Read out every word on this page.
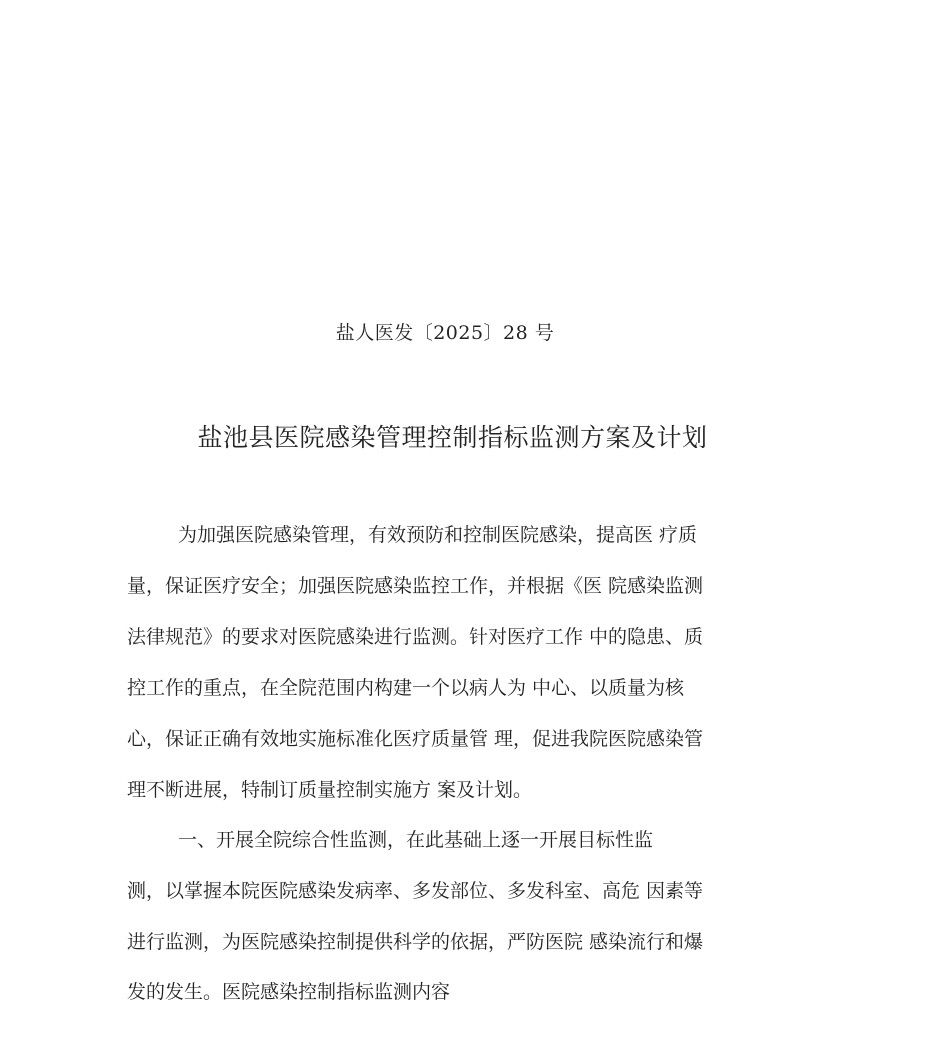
盐人医发〔2025〕28 号
盐池县医院感染管理控制指标监测方案及计划
为加强医院感染管理，有效预防和控制医院感染，提高医 疗质
量，保证医疗安全；加强医院感染监控工作，并根据《医 院感染监测
法律规范》的要求对医院感染进行监测。针对医疗工作 中的隐患、质
控工作的重点，在全院范围内构建一个以病人为 中心、以质量为核
心，保证正确有效地实施标准化医疗质量管 理，促进我院医院感染管
理不断进展，特制订质量控制实施方 案及计划。
一、开展全院综合性监测，在此基础上逐一开展目标性监
测，以掌握本院医院感染发病率、多发部位、多发科室、高危 因素等
进行监测，为医院感染控制提供科学的依据，严防医院 感染流行和爆
发的发生。医院感染控制指标监测内容
